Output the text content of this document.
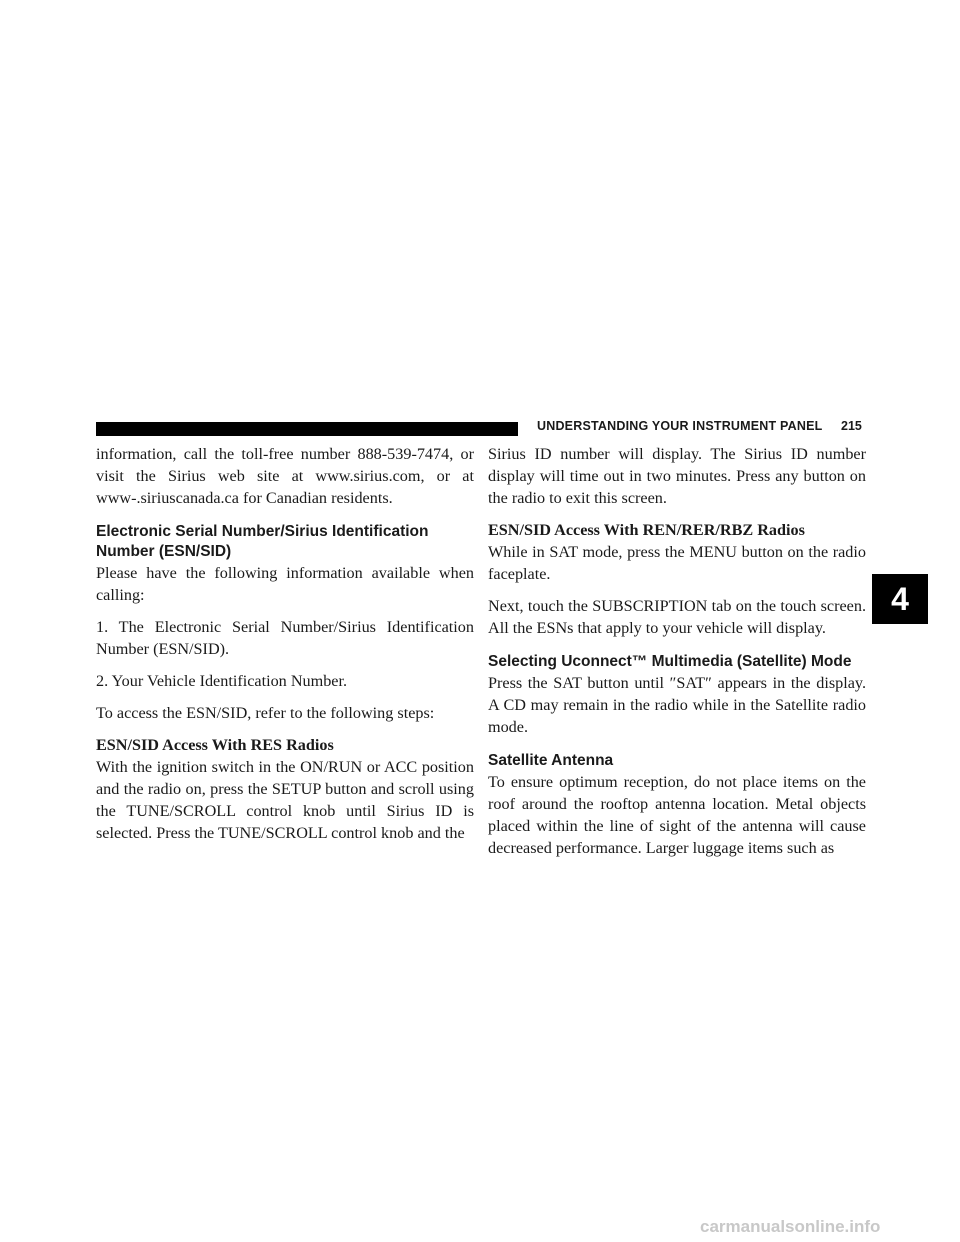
UNDERSTANDING YOUR INSTRUMENT PANEL 215
4

information, call the toll-free number 888-539-7474, or visit the Sirius web site at www.sirius.com, or at www-.siriuscanada.ca for Canadian residents.

Electronic Serial Number/Sirius Identification
Number (ESN/SID)

Please have the following information available when calling:

1. The Electronic Serial Number/Sirius Identification Number (ESN/SID).

2. Your Vehicle Identification Number.

To access the ESN/SID, refer to the following steps:

ESN/SID Access With RES Radios

With the ignition switch in the ON/RUN or ACC position and the radio on, press the SETUP button and scroll using the TUNE/SCROLL control knob until Sirius ID is selected. Press the TUNE/SCROLL control knob and the

Sirius ID number will display. The Sirius ID number display will time out in two minutes. Press any button on the radio to exit this screen.

ESN/SID Access With REN/RER/RBZ Radios

While in SAT mode, press the MENU button on the radio faceplate.

Next, touch the SUBSCRIPTION tab on the touch screen. All the ESNs that apply to your vehicle will display.

Selecting Uconnect™ Multimedia (Satellite) Mode

Press the SAT button until ″SAT″ appears in the display. A CD may remain in the radio while in the Satellite radio mode.

Satellite Antenna

To ensure optimum reception, do not place items on the roof around the rooftop antenna location. Metal objects placed within the line of sight of the antenna will cause decreased performance. Larger luggage items such as

carmanualsonline.info
